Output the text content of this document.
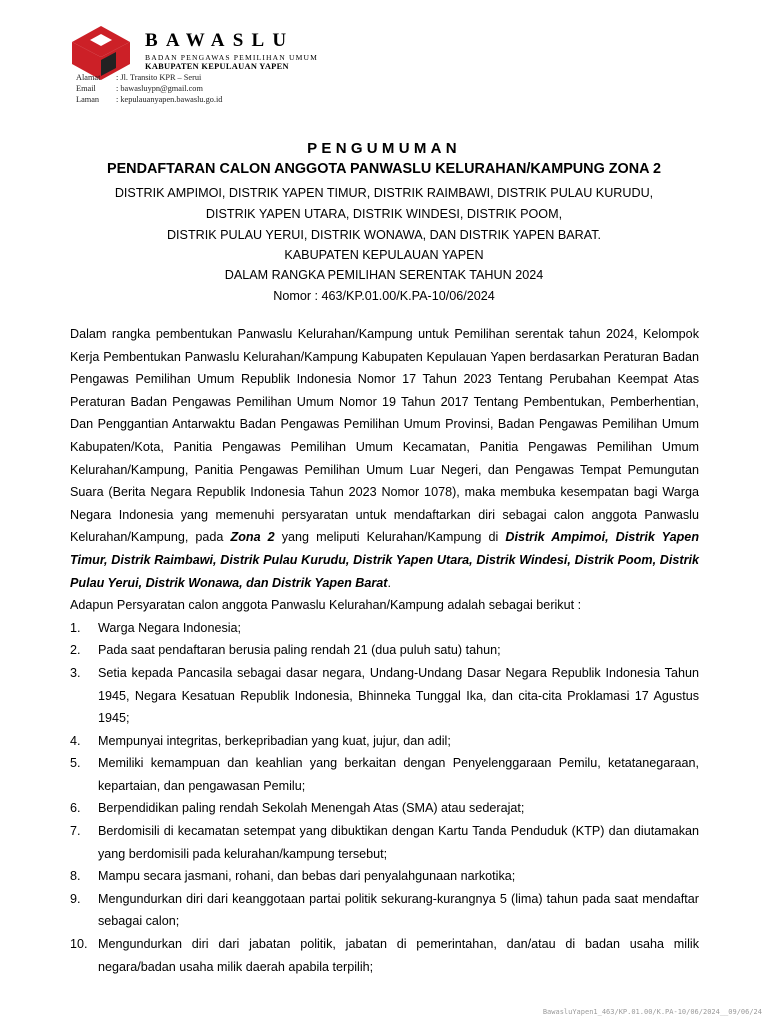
BAWASLU
BADAN PENGAWAS PEMILIHAN UMUM
KABUPATEN KEPULAUAN YAPEN
Alamat	: Jl. Transito KPR – Serui
Email	: bawasluypn@gmail.com
Laman	: kepulauanyapen.bawaslu.go.id
PENGUMUMAN
PENDAFTARAN CALON ANGGOTA PANWASLU KELURAHAN/KAMPUNG ZONA 2
DISTRIK AMPIMOI, DISTRIK YAPEN TIMUR, DISTRIK RAIMBAWI, DISTRIK PULAU KURUDU,
DISTRIK YAPEN UTARA, DISTRIK WINDESI, DISTRIK POOM,
DISTRIK PULAU YERUI, DISTRIK WONAWA, DAN DISTRIK YAPEN BARAT.
KABUPATEN KEPULAUAN YAPEN
DALAM RANGKA PEMILIHAN SERENTAK TAHUN 2024
Nomor : 463/KP.01.00/K.PA-10/06/2024

Dalam rangka pembentukan Panwaslu Kelurahan/Kampung untuk Pemilihan serentak tahun 2024, Kelompok Kerja Pembentukan Panwaslu Kelurahan/Kampung Kabupaten Kepulauan Yapen berdasarkan Peraturan Badan Pengawas Pemilihan Umum Republik Indonesia Nomor 17 Tahun 2023 Tentang Perubahan Keempat Atas Peraturan Badan Pengawas Pemilihan Umum Nomor 19 Tahun 2017 Tentang Pembentukan, Pemberhentian, Dan Penggantian Antarwaktu Badan Pengawas Pemilihan Umum Provinsi, Badan Pengawas Pemilihan Umum Kabupaten/Kota, Panitia Pengawas Pemilihan Umum Kecamatan, Panitia Pengawas Pemilihan Umum Kelurahan/Kampung, Panitia Pengawas Pemilihan Umum Luar Negeri, dan Pengawas Tempat Pemungutan Suara (Berita Negara Republik Indonesia Tahun 2023 Nomor 1078), maka membuka kesempatan bagi Warga Negara Indonesia yang memenuhi persyaratan untuk mendaftarkan diri sebagai calon anggota Panwaslu Kelurahan/Kampung, pada Zona 2 yang meliputi Kelurahan/Kampung di Distrik Ampimoi, Distrik Yapen Timur, Distrik Raimbawi, Distrik Pulau Kurudu, Distrik Yapen Utara, Distrik Windesi, Distrik Poom, Distrik Pulau Yerui, Distrik Wonawa, dan Distrik Yapen Barat.

Adapun Persyaratan calon anggota Panwaslu Kelurahan/Kampung adalah sebagai berikut :

1.	Warga Negara Indonesia;
2.	Pada saat pendaftaran berusia paling rendah 21 (dua puluh satu) tahun;
3.	Setia kepada Pancasila sebagai dasar negara, Undang-Undang Dasar Negara Republik Indonesia Tahun 1945, Negara Kesatuan Republik Indonesia, Bhinneka Tunggal Ika, dan cita-cita Proklamasi 17 Agustus 1945;
4.	Mempunyai integritas, berkepribadian yang kuat, jujur, dan adil;
5.	Memiliki kemampuan dan keahlian yang berkaitan dengan Penyelenggaraan Pemilu, ketatanegaraan, kepartaian, dan pengawasan Pemilu;
6.	Berpendidikan paling rendah Sekolah Menengah Atas (SMA) atau sederajat;
7.	Berdomisili di kecamatan setempat yang dibuktikan dengan Kartu Tanda Penduduk (KTP) dan diutamakan yang berdomisili pada kelurahan/kampung tersebut;
8.	Mampu secara jasmani, rohani, dan bebas dari penyalahgunaan narkotika;
9.	Mengundurkan diri dari keanggotaan partai politik sekurang-kurangnya 5 (lima) tahun pada saat mendaftar sebagai calon;
10. Mengundurkan diri dari jabatan politik, jabatan di pemerintahan, dan/atau di badan usaha milik negara/badan usaha milik daerah apabila terpilih;
BawasluYapen1_463/KP.01.00/K.PA-10/06/2024__09/06/24
